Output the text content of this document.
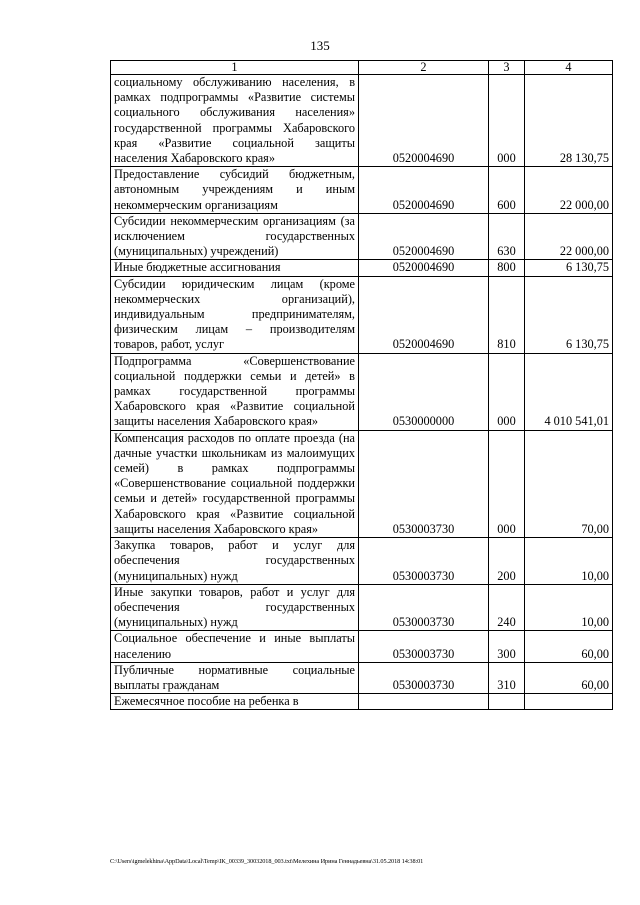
135
1	2	3	4
социальному обслуживанию населения, в рамках подпрограммы «Развитие системы социального обслуживания населения» государственной программы Хабаровского края «Развитие социальной защиты населения Хабаровского края»	0520004690	000	28 130,75
Предоставление субсидий бюджетным, автономным учреждениям и иным некоммерческим организациям	0520004690	600	22 000,00
Субсидии некоммерческим организациям (за исключением государственных (муниципальных) учреждений)	0520004690	630	22 000,00
Иные бюджетные ассигнования	0520004690	800	6 130,75
Субсидии юридическим лицам (кроме некоммерческих организаций), индивидуальным предпринимателям, физическим лицам – производителям товаров, работ, услуг	0520004690	810	6 130,75
Подпрограмма «Совершенствование социальной поддержки семьи и детей» в рамках государственной программы Хабаровского края «Развитие социальной защиты населения Хабаровского края»	0530000000	000	4 010 541,01
Компенсация расходов по оплате проезда (на дачные участки школьникам из малоимущих семей) в рамках подпрограммы «Совершенствование социальной поддержки семьи и детей» государственной программы Хабаровского края «Развитие социальной защиты населения Хабаровского края»	0530003730	000	70,00
Закупка товаров, работ и услуг для обеспечения государственных (муниципальных) нужд	0530003730	200	10,00
Иные закупки товаров, работ и услуг для обеспечения государственных (муниципальных) нужд	0530003730	240	10,00
Социальное обеспечение и иные выплаты населению	0530003730	300	60,00
Публичные нормативные социальные выплаты гражданам	0530003730	310	60,00
Ежемесячное пособие на ребенка в			
C:\Users\igmelekhina\AppData\Local\Temp\IK_00339_30032018_003.txt\Мелехина Ирина Геннадьевна\31.05.2018 14:38:01
